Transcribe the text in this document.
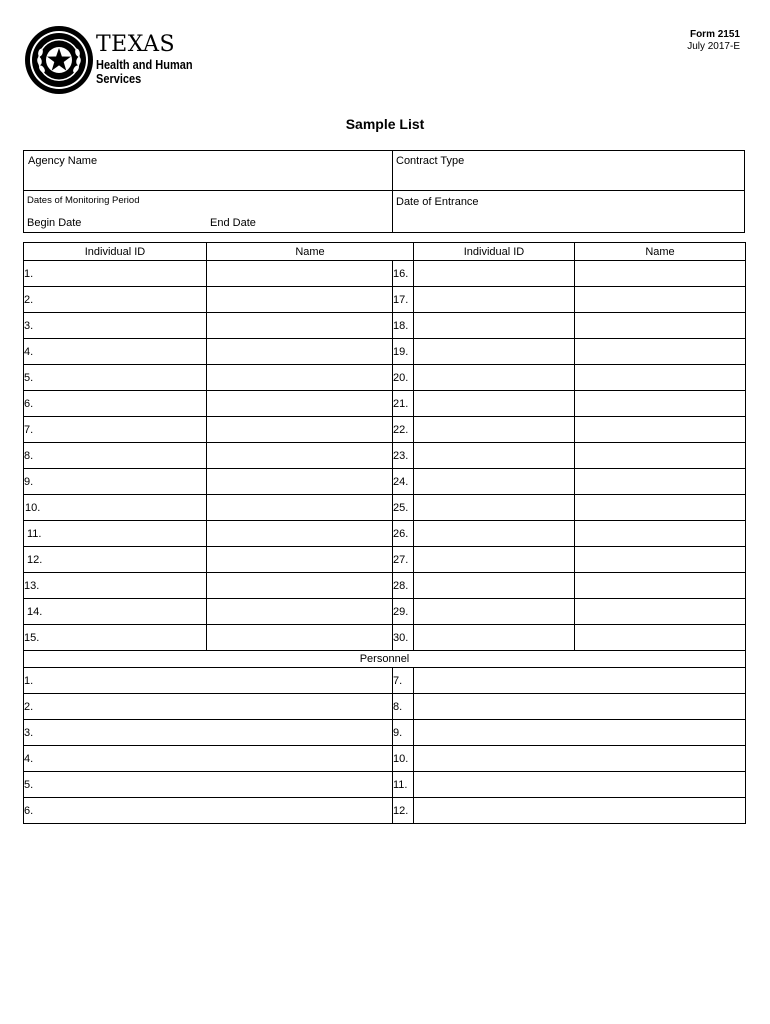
TEXAS
Health and Human
Services
Form 2151
July 2017-E
Sample List
Agency Name	Contract Type
Dates of Monitoring Period
Begin Date	End Date
Date of Entrance
Individual ID	Name		Individual ID	Name
1.		16.		
2.		17.		
3.		18.		
4.		19.		
5.		20.		
6.		21.		
7.		22.		
8.		23.		
9.		24.		
10.		25.		
11.		26.		
12.		27.		
13.		28.		
14.		29.		
15.		30.		
Personnel				
1.		7.		
2.		8.		
3.		9.		
4.		10.		
5.		11.		
6.		12.		
